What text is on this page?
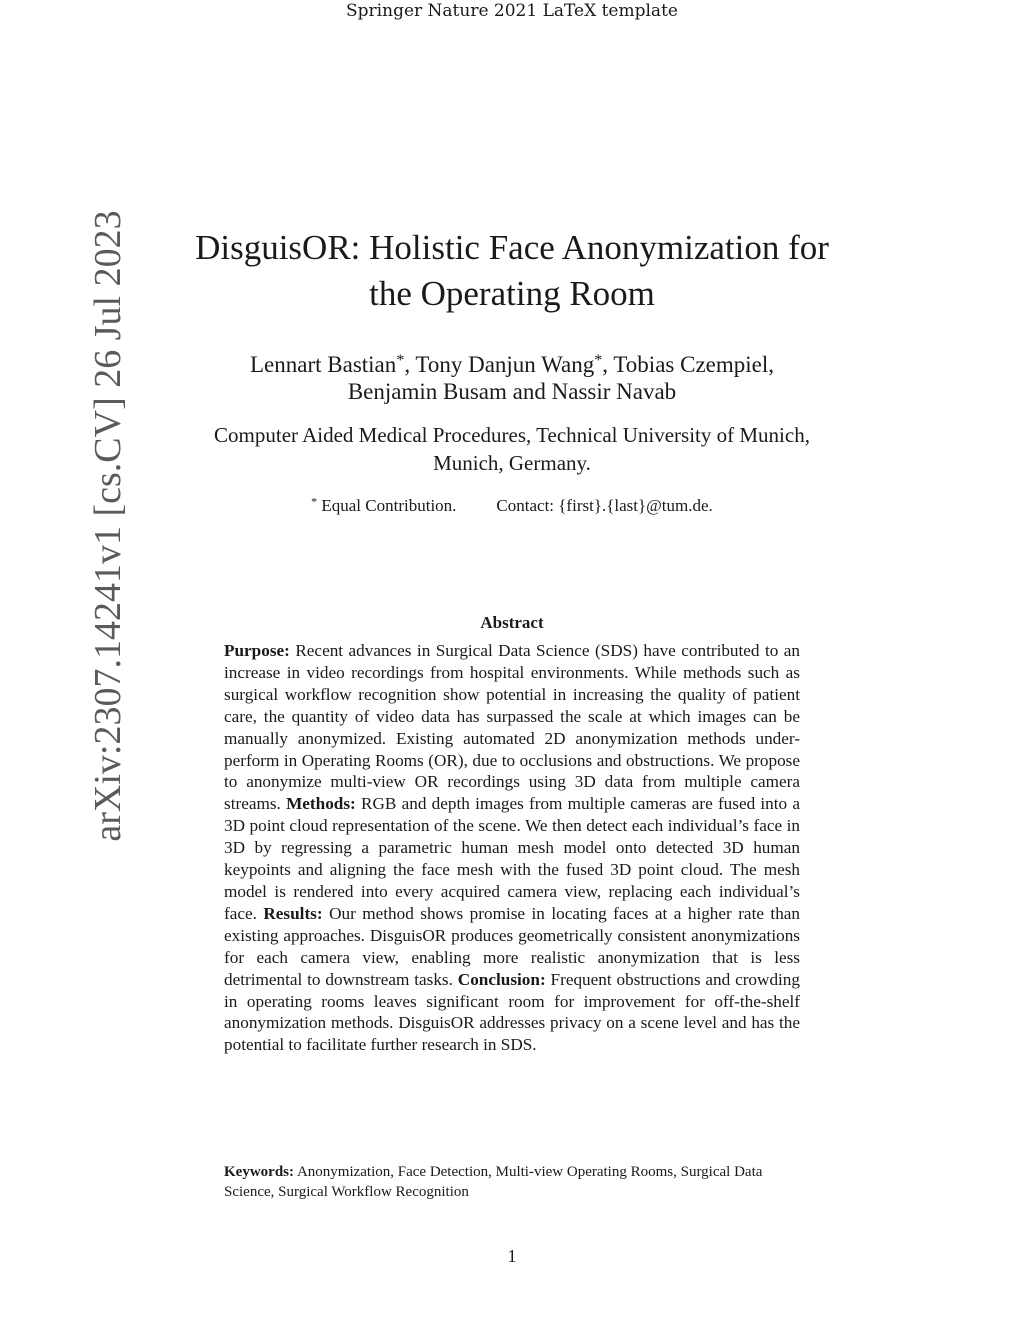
Springer Nature 2021 LaTeX template
arXiv:2307.14241v1 [cs.CV] 26 Jul 2023 DisguisOR: Holistic Face Anonymization for the Operating Room
Lennart Bastian*, Tony Danjun Wang*, Tobias Czempiel, Benjamin Busam and Nassir Navab
Computer Aided Medical Procedures, Technical University of Munich, Munich, Germany.
* Equal Contribution. Contact: {first}.{last}@tum.de.
Abstract

Purpose: Recent advances in Surgical Data Science (SDS) have contributed to an increase in video recordings from hospital environments. While methods such as surgical workflow recognition show potential in increasing the quality of patient care, the quantity of video data has surpassed the scale at which images can be manually anonymized. Existing automated 2D anonymization methods under-perform in Operating Rooms (OR), due to occlusions and obstructions. We propose to anonymize multi-view OR recordings using 3D data from multiple camera streams. Methods: RGB and depth images from multiple cameras are fused into a 3D point cloud representation of the scene. We then detect each individual’s face in 3D by regressing a parametric human mesh model onto detected 3D human keypoints and aligning the face mesh with the fused 3D point cloud. The mesh model is rendered into every acquired camera view, replacing each individual’s face. Results: Our method shows promise in locating faces at a higher rate than existing approaches. DisguisOR produces geometrically consistent anonymizations for each camera view, enabling more realistic anonymization that is less detrimental to downstream tasks. Conclusion: Frequent obstructions and crowding in operating rooms leaves significant room for improvement for off-the-shelf anonymization methods. DisguisOR addresses privacy on a scene level and has the potential to facilitate further research in SDS.

Keywords: Anonymization, Face Detection, Multi-view Operating Rooms, Surgical Data Science, Surgical Workflow Recognition
1
